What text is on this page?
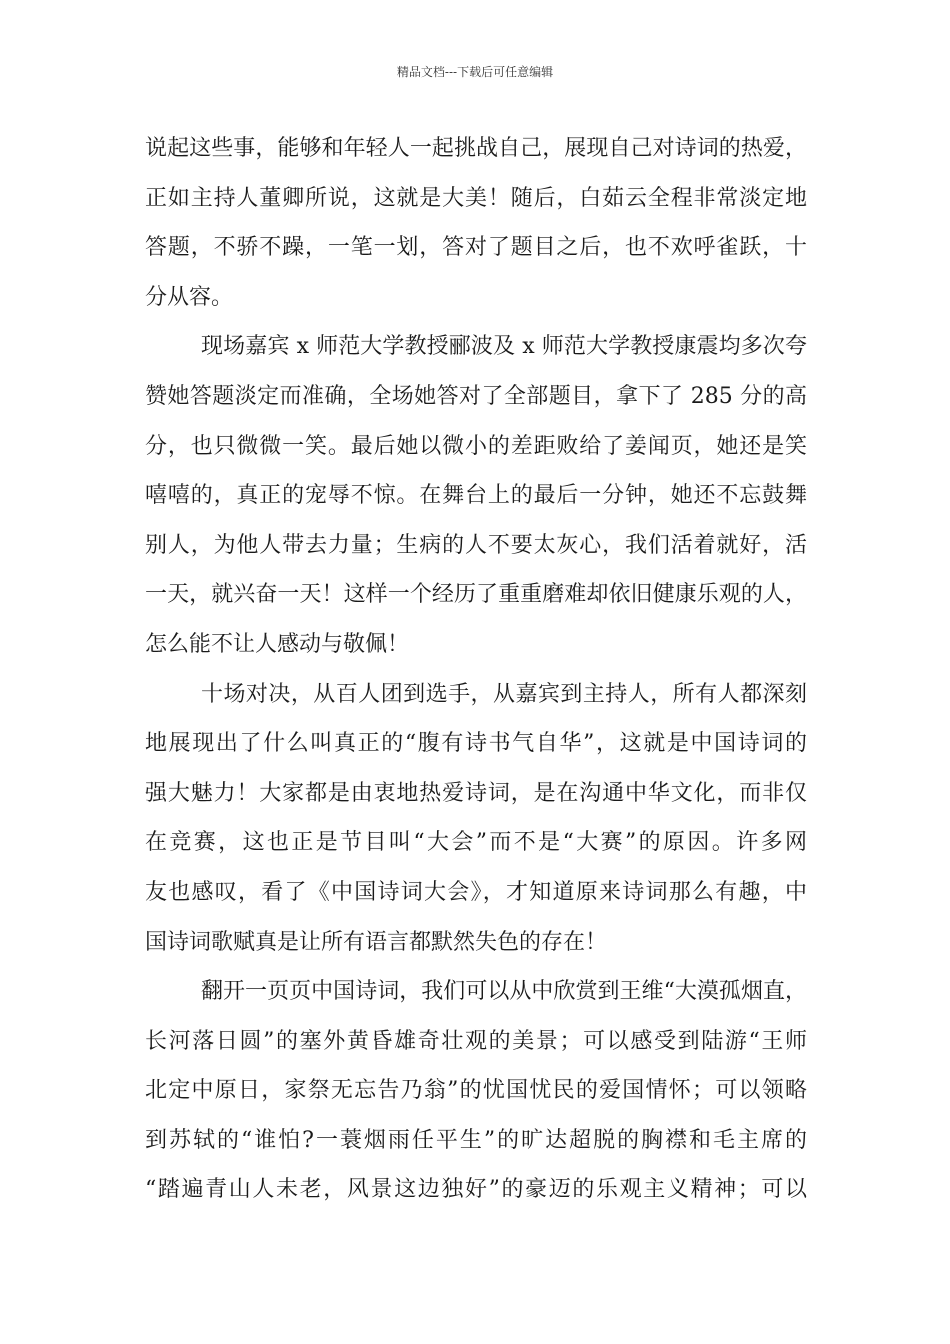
精品文档---下载后可任意编辑
说起这些事，能够和年轻人一起挑战自己，展现自己对诗词的热爱，
正如主持人董卿所说，这就是大美！随后，白茹云全程非常淡定地
答题，不骄不躁，一笔一划，答对了题目之后，也不欢呼雀跃，十
分从容。
现场嘉宾 x 师范大学教授郦波及 x 师范大学教授康震均多次夸
赞她答题淡定而准确，全场她答对了全部题目，拿下了 285 分的高
分，也只微微一笑。最后她以微小的差距败给了姜闻页，她还是笑
嘻嘻的，真正的宠辱不惊。在舞台上的最后一分钟，她还不忘鼓舞
别人，为他人带去力量；生病的人不要太灰心，我们活着就好，活
一天，就兴奋一天！这样一个经历了重重磨难却依旧健康乐观的人，
怎么能不让人感动与敬佩！
十场对决，从百人团到选手，从嘉宾到主持人，所有人都深刻
地展现出了什么叫真正的“腹有诗书气自华”，这就是中国诗词的
强大魅力！大家都是由衷地热爱诗词，是在沟通中华文化，而非仅
在竞赛，这也正是节目叫“大会”而不是“大赛”的原因。许多网
友也感叹，看了《中国诗词大会》，才知道原来诗词那么有趣，中
国诗词歌赋真是让所有语言都默然失色的存在！
翻开一页页中国诗词，我们可以从中欣赏到王维“大漠孤烟直，
长河落日圆”的塞外黄昏雄奇壮观的美景；可以感受到陆游“王师
北定中原日，家祭无忘告乃翁”的忧国忧民的爱国情怀；可以领略
到苏轼的“谁怕?一蓑烟雨任平生”的旷达超脱的胸襟和毛主席的
“踏遍青山人未老，风景这边独好”的豪迈的乐观主义精神；可以
